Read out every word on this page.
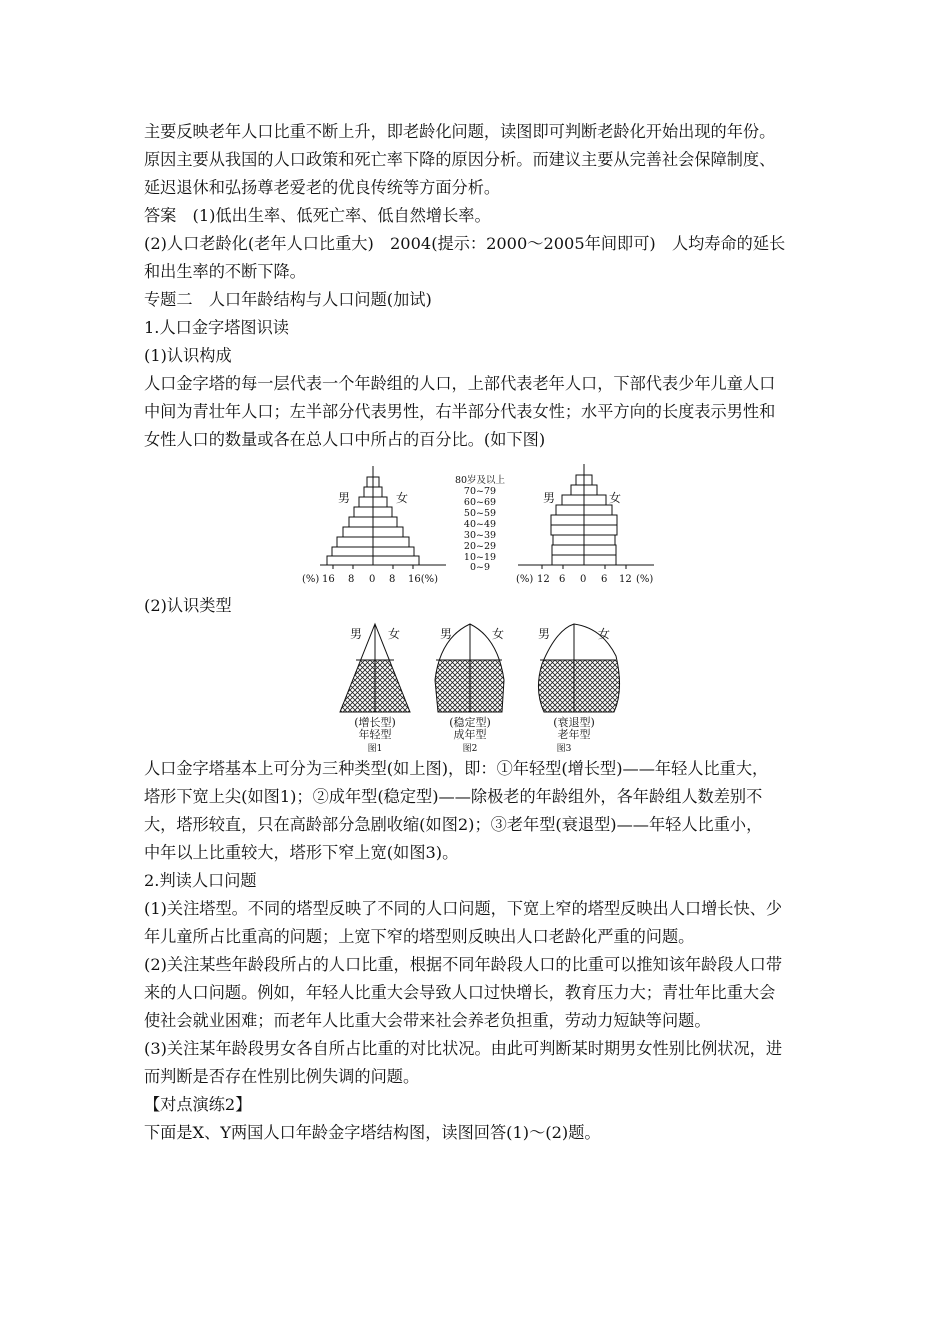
主要反映老年人口比重不断上升，即老龄化问题，读图即可判断老龄化开始出现的年份。
原因主要从我国的人口政策和死亡率下降的原因分析。而建议主要从完善社会保障制度、
延迟退休和弘扬尊老爱老的优良传统等方面分析。
答案　(1)低出生率、低死亡率、低自然增长率。
(2)人口老龄化(老年人口比重大)　2004(提示：2000～2005年间即可)　人均寿命的延长
和出生率的不断下降。
专题二　人口年龄结构与人口问题(加试)
1.人口金字塔图识读
(1)认识构成
人口金字塔的每一层代表一个年龄组的人口，上部代表老年人口，下部代表少年儿童人口
中间为青壮年人口；左半部分代表男性，右半部分代表女性；水平方向的长度表示男性和
女性人口的数量或各在总人口中所占的百分比。(如下图)
男	女
(%) 16 8 0 8 16(%)
80岁及以上
70~79
60~69
50~59
40~49
30~39
20~29
10~19
0~9
男	女
(%) 12 6 0 6 12 (%)
(2)认识类型
男 女
(增长型)
年轻型
图1
男	女
(稳定型)
成年型
图2
男	女
(衰退型)
老年型
图3
人口金字塔基本上可分为三种类型(如上图)，即：①年轻型(增长型)——年轻人比重大，
塔形下宽上尖(如图1)；②成年型(稳定型)——除极老的年龄组外，各年龄组人数差别不
大，塔形较直，只在高龄部分急剧收缩(如图2)；③老年型(衰退型)——年轻人比重小，
中年以上比重较大，塔形下窄上宽(如图3)。
2.判读人口问题
(1)关注塔型。不同的塔型反映了不同的人口问题，下宽上窄的塔型反映出人口增长快、少
年儿童所占比重高的问题；上宽下窄的塔型则反映出人口老龄化严重的问题。
(2)关注某些年龄段所占的人口比重，根据不同年龄段人口的比重可以推知该年龄段人口带
来的人口问题。例如，年轻人比重大会导致人口过快增长，教育压力大；青壮年比重大会
使社会就业困难；而老年人比重大会带来社会养老负担重，劳动力短缺等问题。
(3)关注某年龄段男女各自所占比重的对比状况。由此可判断某时期男女性别比例状况，进
而判断是否存在性别比例失调的问题。
【对点演练2】
下面是X、Y两国人口年龄金字塔结构图，读图回答(1)～(2)题。
